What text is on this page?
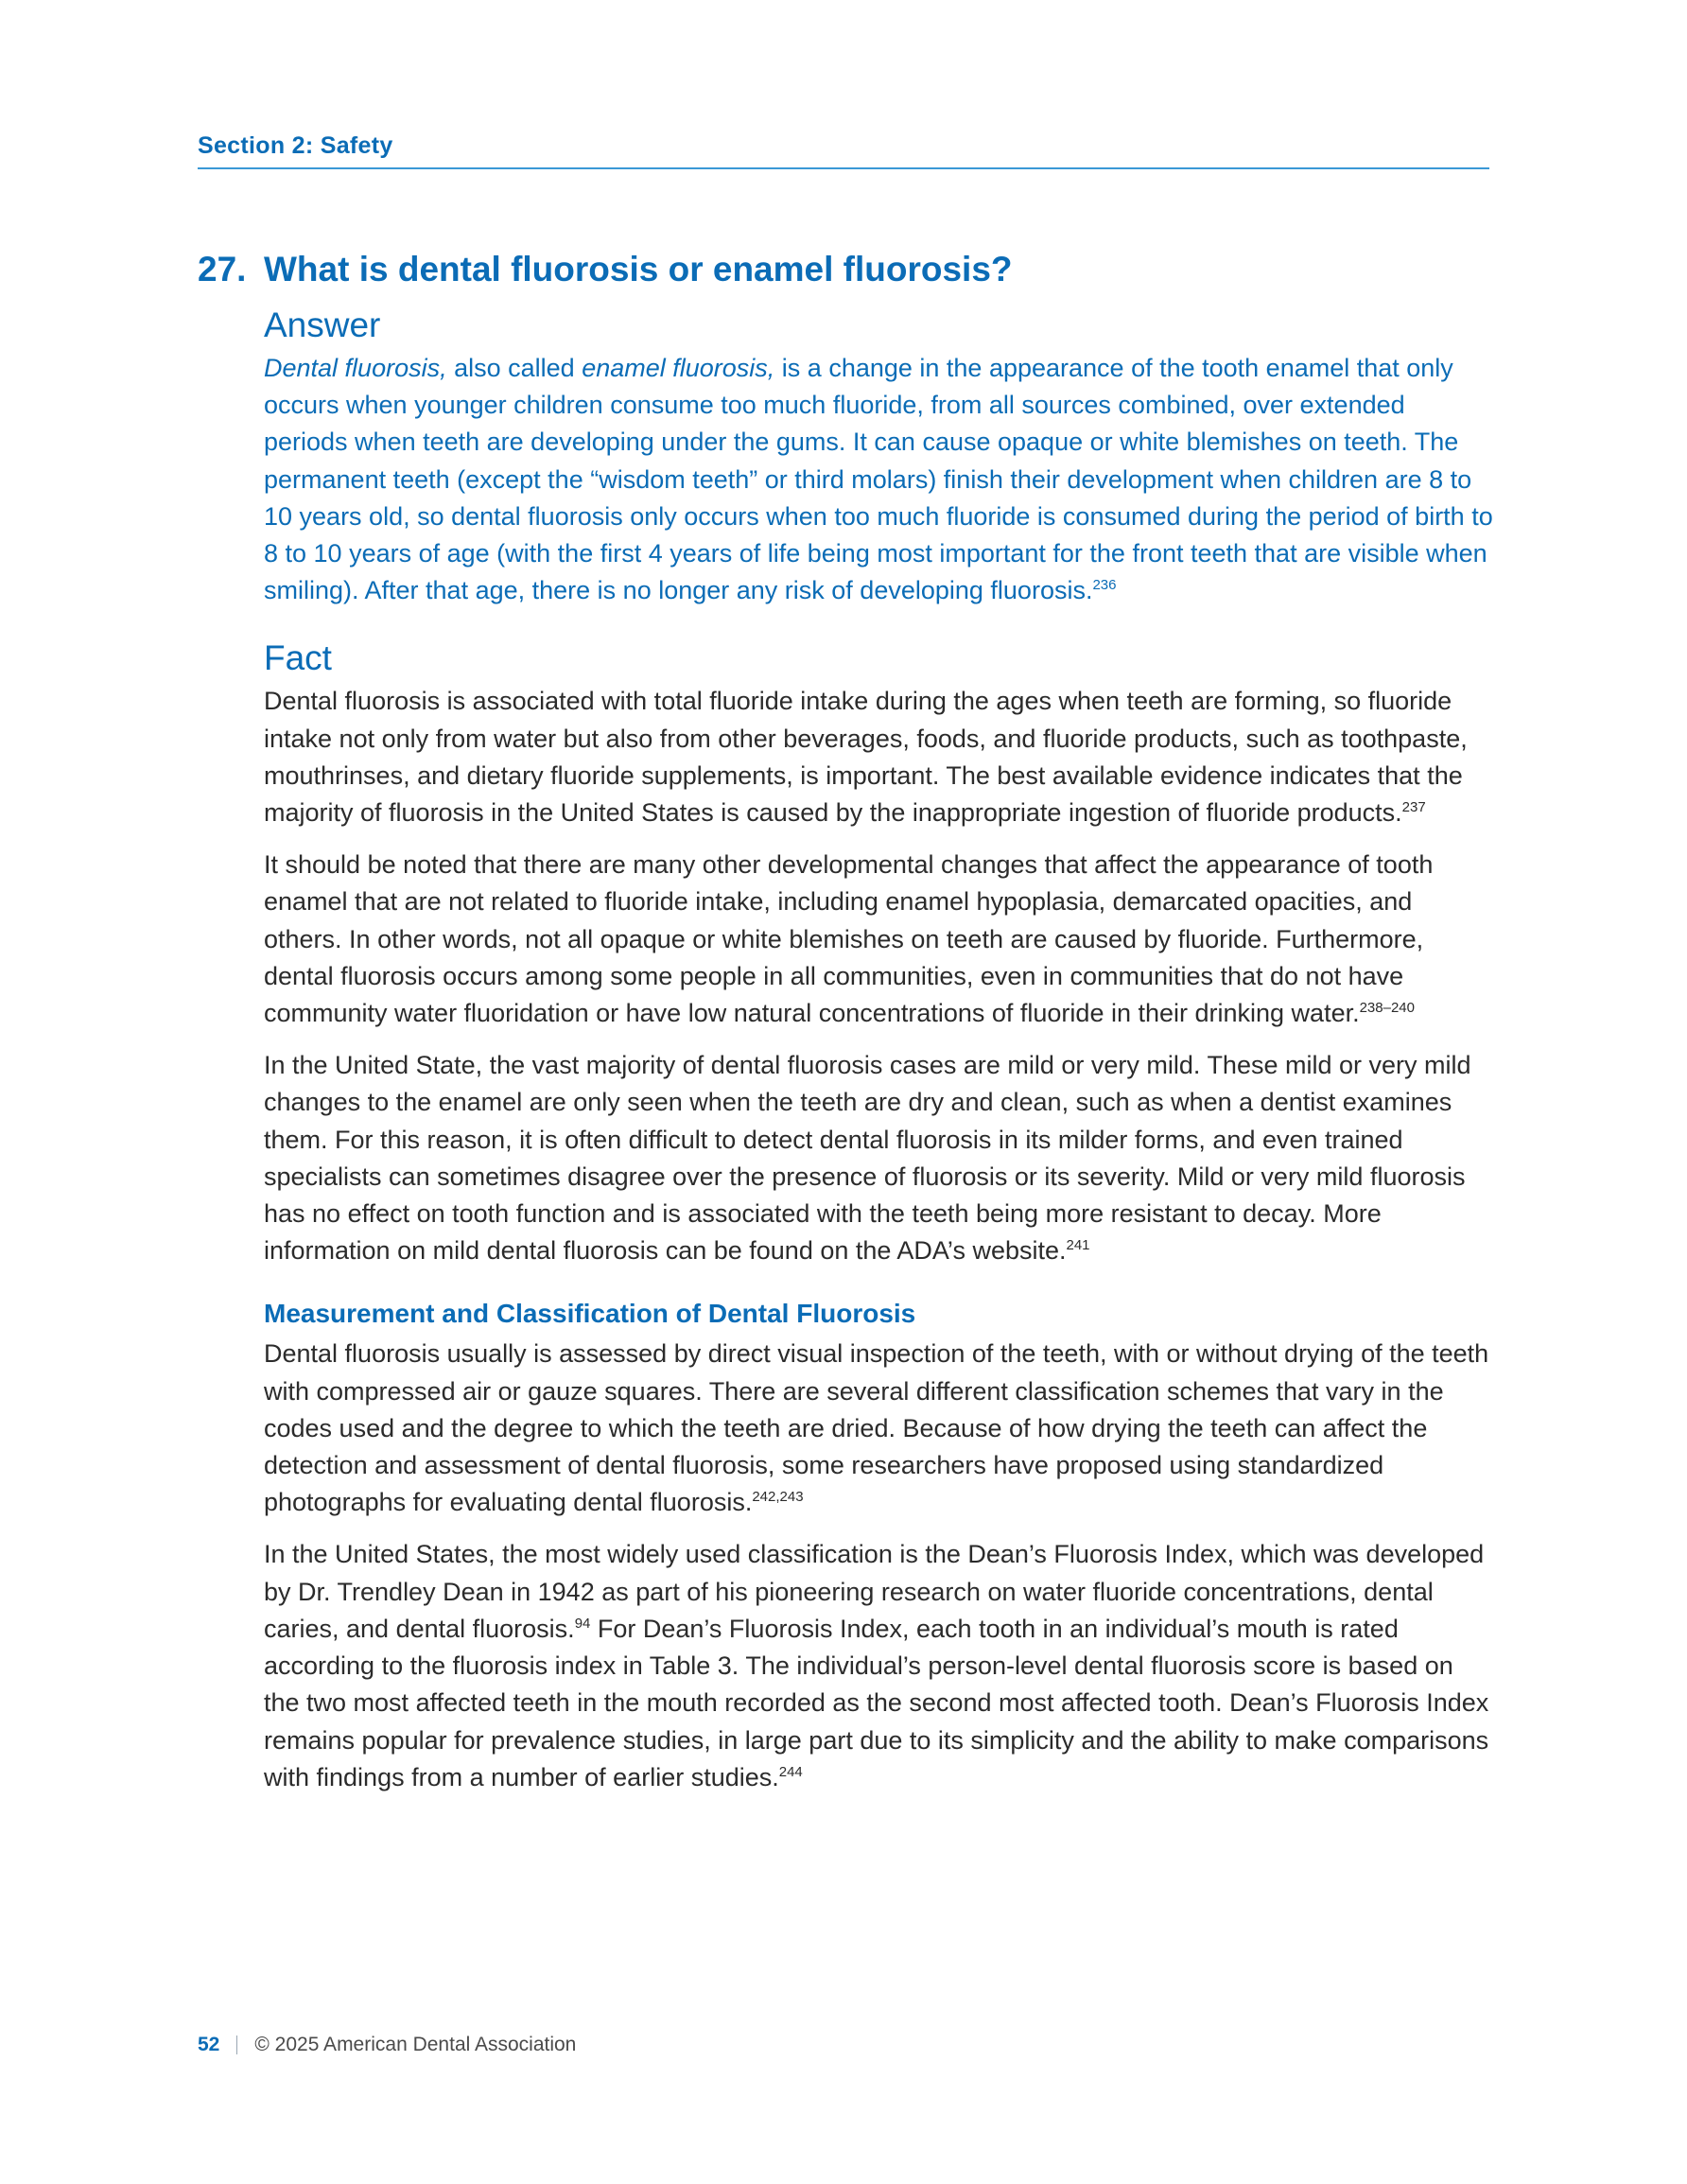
Section 2: Safety
27. What is dental fluorosis or enamel fluorosis?
Answer

Dental fluorosis, also called enamel fluorosis, is a change in the appearance of the tooth enamel that only occurs when younger children consume too much fluoride, from all sources combined, over extended periods when teeth are developing under the gums. It can cause opaque or white blemishes on teeth. The permanent teeth (except the “wisdom teeth” or third molars) finish their development when children are 8 to 10 years old, so dental fluorosis only occurs when too much fluoride is consumed during the period of birth to 8 to 10 years of age (with the first 4 years of life being most important for the front teeth that are visible when smiling). After that age, there is no longer any risk of developing fluorosis.$^{236}$

Fact

Dental fluorosis is associated with total fluoride intake during the ages when teeth are forming, so fluoride intake not only from water but also from other beverages, foods, and fluoride products, such as toothpaste, mouthrinses, and dietary fluoride supplements, is important. The best available evidence indicates that the majority of fluorosis in the United States is caused by the inappropriate ingestion of fluoride products.$^{237}$

It should be noted that there are many other developmental changes that affect the appearance of tooth enamel that are not related to fluoride intake, including enamel hypoplasia, demarcated opacities, and others. In other words, not all opaque or white blemishes on teeth are caused by fluoride. Furthermore, dental fluorosis occurs among some people in all communities, even in communities that do not have community water fluoridation or have low natural concentrations of fluoride in their drinking water.$^{238-240}$

In the United State, the vast majority of dental fluorosis cases are mild or very mild. These mild or very mild changes to the enamel are only seen when the teeth are dry and clean, such as when a dentist examines them. For this reason, it is often difficult to detect dental fluorosis in its milder forms, and even trained specialists can sometimes disagree over the presence of fluorosis or its severity. Mild or very mild fluorosis has no effect on tooth function and is associated with the teeth being more resistant to decay. More information on mild dental fluorosis can be found on the ADA’s website.$^{241}$

Measurement and Classification of Dental Fluorosis

Dental fluorosis usually is assessed by direct visual inspection of the teeth, with or without drying of the teeth with compressed air or gauze squares. There are several different classification schemes that vary in the codes used and the degree to which the teeth are dried. Because of how drying the teeth can affect the detection and assessment of dental fluorosis, some researchers have proposed using standardized photographs for evaluating dental fluorosis.$^{242,243}$

In the United States, the most widely used classification is the Dean’s Fluorosis Index, which was developed by Dr. Trendley Dean in 1942 as part of his pioneering research on water fluoride concentrations, dental caries, and dental fluorosis.$^{94}$ For Dean’s Fluorosis Index, each tooth in an individual’s mouth is rated according to the fluorosis index in Table 3. The individual’s person-level dental fluorosis score is based on the two most affected teeth in the mouth recorded as the second most affected tooth. Dean’s Fluorosis Index remains popular for prevalence studies, in large part due to its simplicity and the ability to make comparisons with findings from a number of earlier studies.$^{244}$

52 © 2025 American Dental Association
